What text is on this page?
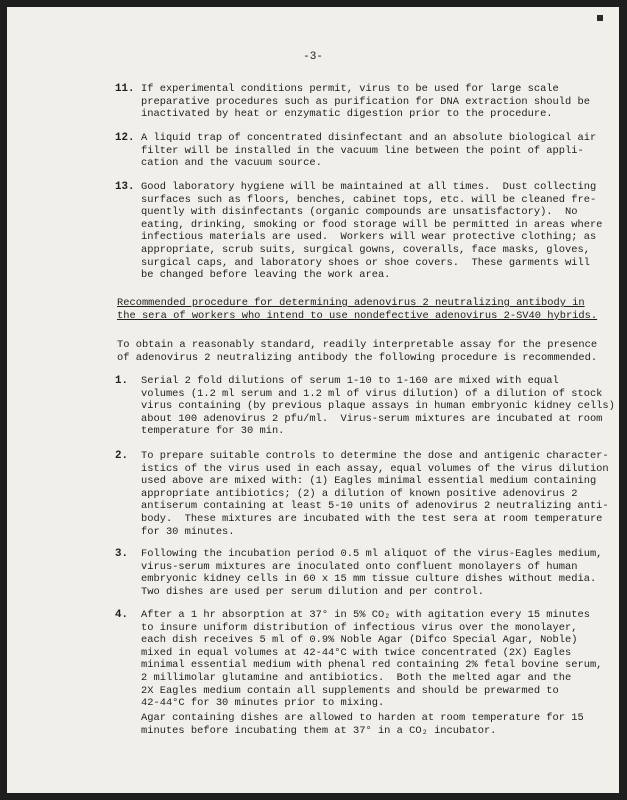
-3-
11. If experimental conditions permit, virus to be used for large scale
preparative procedures such as purification for DNA extraction should be
inactivated by heat or enzymatic digestion prior to the procedure.
12. A liquid trap of concentrated disinfectant and an absolute biological air
filter will be installed in the vacuum line between the point of appli-
cation and the vacuum source.
13. Good laboratory hygiene will be maintained at all times.  Dust collecting
surfaces such as floors, benches, cabinet tops, etc. will be cleaned fre-
quently with disinfectants (organic compounds are unsatisfactory).  No
eating, drinking, smoking or food storage will be permitted in areas where
infectious materials are used.  Workers will wear protective clothing; as
appropriate, scrub suits, surgical gowns, coveralls, face masks, gloves,
surgical caps, and laboratory shoes or shoe covers.  These garments will
be changed before leaving the work area.
Recommended procedure for determining adenovirus 2 neutralizing antibody in
the sera of workers who intend to use nondefective adenovirus 2-SV40 hybrids.
To obtain a reasonably standard, readily interpretable assay for the presence
of adenovirus 2 neutralizing antibody the following procedure is recommended.
1.	Serial 2 fold dilutions of serum 1-10 to 1-160 are mixed with equal
volumes (1.2 ml serum and 1.2 ml of virus dilution) of a dilution of stock
virus containing (by previous plaque assays in human embryonic kidney cells)
about 100 adenovirus 2 pfu/ml.  Virus-serum mixtures are incubated at room
temperature for 30 min.
2.	To prepare suitable controls to determine the dose and antigenic character-
istics of the virus used in each assay, equal volumes of the virus dilution
used above are mixed with: (1) Eagles minimal essential medium containing
appropriate antibiotics; (2) a dilution of known positive adenovirus 2
antiserum containing at least 5-10 units of adenovirus 2 neutralizing anti-
body.  These mixtures are incubated with the test sera at room temperature
for 30 minutes.
3.	Following the incubation period 0.5 ml aliquot of the virus-Eagles medium,
virus-serum mixtures are inoculated onto confluent monolayers of human
embryonic kidney cells in 60 x 15 mm tissue culture dishes without media.
Two dishes are used per serum dilution and per control.
4.	After a 1 hr absorption at 37° in 5% CO₂ with agitation every 15 minutes
to insure uniform distribution of infectious virus over the monolayer,
each dish receives 5 ml of 0.9% Noble Agar (Difco Special Agar, Noble)
mixed in equal volumes at 42-44°C with twice concentrated (2X) Eagles
minimal essential medium with phenal red containing 2% fetal bovine serum,
2 millimolar glutamine and antibiotics.  Both the melted agar and the
2X Eagles medium contain all supplements and should be prewarmed to
42-44°C for 30 minutes prior to mixing.
Agar containing dishes are allowed to harden at room temperature for 15
minutes before incubating them at 37° in a CO₂ incubator.
